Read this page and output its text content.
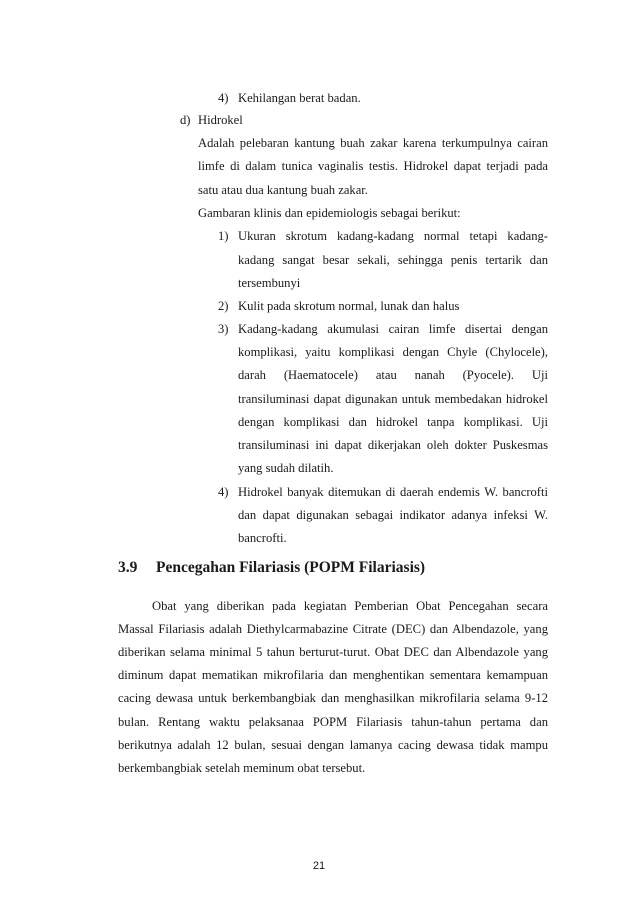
4) Kehilangan berat badan.
d) Hidrokel
Adalah pelebaran kantung buah zakar karena terkumpulnya cairan
limfe di dalam tunica vaginalis testis. Hidrokel dapat terjadi pada
satu atau dua kantung buah zakar.
Gambaran klinis dan epidemiologis sebagai berikut:
1) Ukuran skrotum kadang-kadang normal tetapi kadang-
kadang sangat besar sekali, sehingga penis tertarik dan
tersembunyi
2) Kulit pada skrotum normal, lunak dan halus
3) Kadang-kadang akumulasi cairan limfe disertai dengan
komplikasi, yaitu komplikasi dengan Chyle (Chylocele),
darah (Haematocele) atau nanah (Pyocele). Uji
transiluminasi dapat digunakan untuk membedakan hidrokel
dengan komplikasi dan hidrokel tanpa komplikasi. Uji
transiluminasi ini dapat dikerjakan oleh dokter Puskesmas
yang sudah dilatih.
4) Hidrokel banyak ditemukan di daerah endemis W. bancrofti
dan dapat digunakan sebagai indikator adanya infeksi W.
bancrofti.
3.9 Pencegahan Filariasis (POPM Filariasis)
Obat yang diberikan pada kegiatan Pemberian Obat Pencegahan secara
Massal Filariasis adalah Diethylcarmabazine Citrate (DEC) dan Albendazole, yang
diberikan selama minimal 5 tahun berturut-turut. Obat DEC dan Albendazole yang
diminum dapat mematikan mikrofilaria dan menghentikan sementara kemampuan
cacing dewasa untuk berkembangbiak dan menghasilkan mikrofilaria selama 9-12
bulan. Rentang waktu pelaksanaa POPM Filariasis tahun-tahun pertama dan
berikutnya adalah 12 bulan, sesuai dengan lamanya cacing dewasa tidak mampu
berkembangbiak setelah meminum obat tersebut.
21
